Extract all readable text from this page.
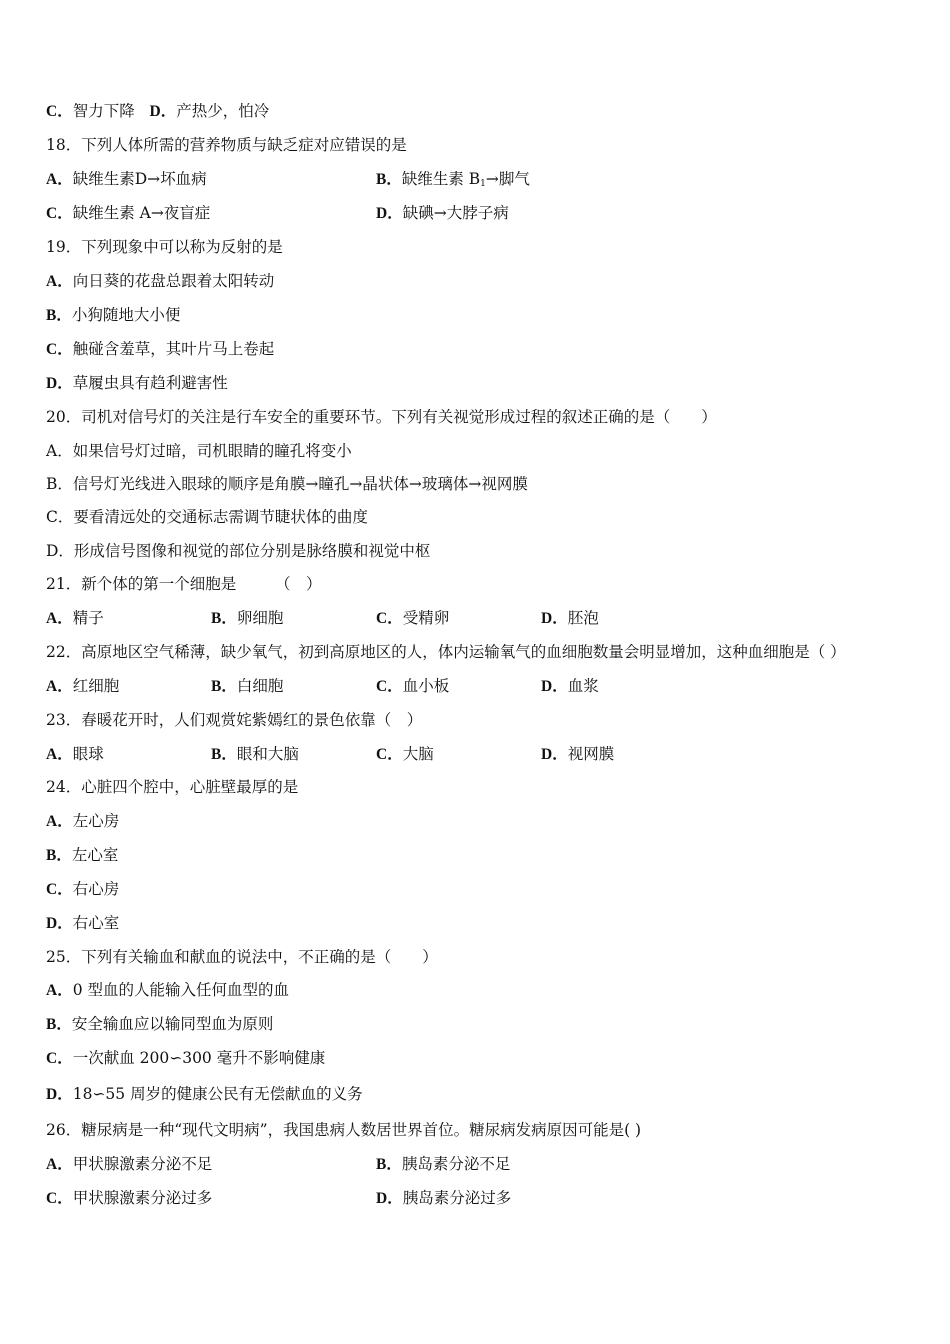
C．智力下降 D．产热少，怕冷
18．下列人体所需的营养物质与缺乏症对应错误的是
A．缺维生素D→坏血病	B．缺维生素 $B_1\to$脚气
C．缺维生素 A→夜盲症	D．缺碘→大脖子病
19．下列现象中可以称为反射的是
A．向日葵的花盘总跟着太阳转动
B．小狗随地大小便
C．触碰含羞草，其叶片马上卷起
D．草履虫具有趋利避害性
20．司机对信号灯的关注是行车安全的重要环节。下列有关视觉形成过程的叙述正确的是（　　）
A．如果信号灯过暗，司机眼睛的瞳孔将变小
B．信号灯光线进入眼球的顺序是角膜→瞳孔→晶状体→玻璃体→视网膜
C．要看清远处的交通标志需调节睫状体的曲度
D．形成信号图像和视觉的部位分别是脉络膜和视觉中枢
21．新个体的第一个细胞是　　　（　）
A．精子	B．卵细胞	C．受精卵	D．胚泡
22．高原地区空气稀薄，缺少氧气，初到高原地区的人，体内运输氧气的血细胞数量会明显增加，这种血细胞是（ ）
A．红细胞	B．白细胞	C．血小板	D．血浆
23．春暖花开时，人们观赏姹紫嫣红的景色依靠（　）
A．眼球	B．眼和大脑	C．大脑	D．视网膜
24．心脏四个腔中，心脏壁最厚的是
A．左心房
B．左心室
C．右心房
D．右心室
25．下列有关输血和献血的说法中，不正确的是（　　）
A．0 型血的人能输入任何血型的血
B．安全输血应以输同型血为原则
C．一次献血 200∽300 毫升不影响健康
D．18∽55 周岁的健康公民有无偿献血的义务
26．糖尿病是一种“现代文明病”，我国患病人数居世界首位。糖尿病发病原因可能是( )
A．甲状腺激素分泌不足	B．胰岛素分泌不足
C．甲状腺激素分泌过多	D．胰岛素分泌过多
